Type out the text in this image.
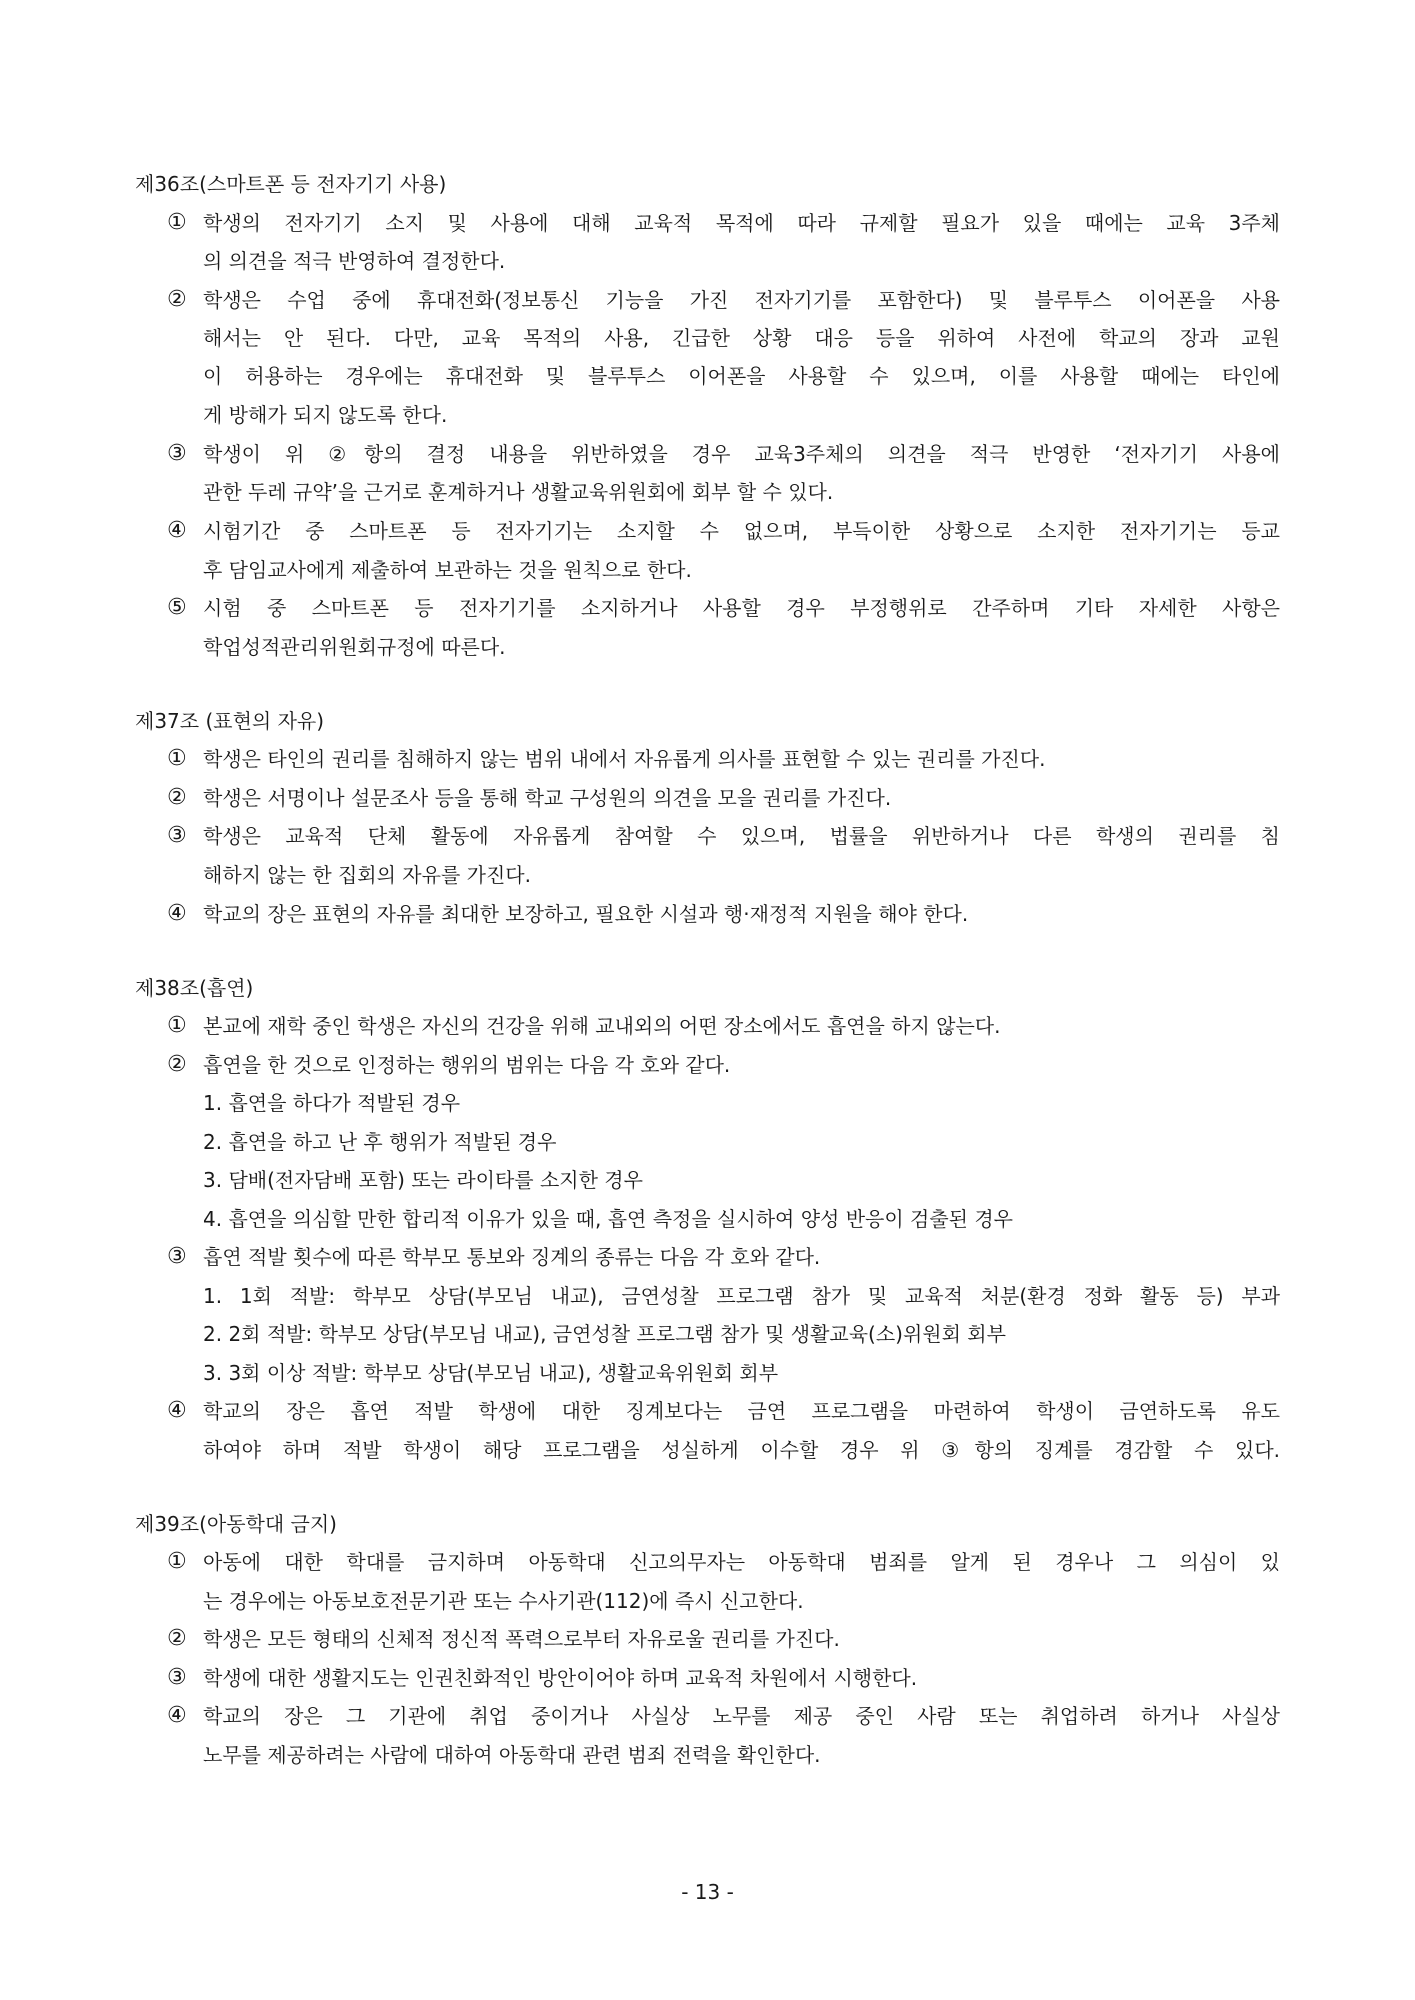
제36조(스마트폰 등 전자기기 사용)
① 학생의 전자기기 소지 및 사용에 대해 교육적 목적에 따라 규제할 필요가 있을 때에는 교육 3주체
의 의견을 적극 반영하여 결정한다.
② 학생은 수업 중에 휴대전화(정보통신 기능을 가진 전자기기를 포함한다) 및 블루투스 이어폰을 사용
해서는 안 된다. 다만, 교육 목적의 사용, 긴급한 상황 대응 등을 위하여 사전에 학교의 장과 교원
이 허용하는 경우에는 휴대전화 및 블루투스 이어폰을 사용할 수 있으며, 이를 사용할 때에는 타인에
게 방해가 되지 않도록 한다.
③ 학생이 위 ②항의 결정 내용을 위반하였을 경우 교육3주체의 의견을 적극 반영한 ‘전자기기 사용에
관한 두레 규약’을 근거로 훈계하거나 생활교육위원회에 회부 할 수 있다.
④ 시험기간 중 스마트폰 등 전자기기는 소지할 수 없으며, 부득이한 상황으로 소지한 전자기기는 등교
후 담임교사에게 제출하여 보관하는 것을 원칙으로 한다.
⑤ 시험 중 스마트폰 등 전자기기를 소지하거나 사용할 경우 부정행위로 간주하며 기타 자세한 사항은
학업성적관리위원회규정에 따른다.
제37조 (표현의 자유)
① 학생은 타인의 권리를 침해하지 않는 범위 내에서 자유롭게 의사를 표현할 수 있는 권리를 가진다.
② 학생은 서명이나 설문조사 등을 통해 학교 구성원의 의견을 모을 권리를 가진다.
③ 학생은 교육적 단체 활동에 자유롭게 참여할 수 있으며, 법률을 위반하거나 다른 학생의 권리를 침
해하지 않는 한 집회의 자유를 가진다.
④ 학교의 장은 표현의 자유를 최대한 보장하고, 필요한 시설과 행·재정적 지원을 해야 한다.
제38조(흡연)
① 본교에 재학 중인 학생은 자신의 건강을 위해 교내외의 어떤 장소에서도 흡연을 하지 않는다.
② 흡연을 한 것으로 인정하는 행위의 범위는 다음 각 호와 같다.
1. 흡연을 하다가 적발된 경우
2. 흡연을 하고 난 후 행위가 적발된 경우
3. 담배(전자담배 포함) 또는 라이타를 소지한 경우
4. 흡연을 의심할 만한 합리적 이유가 있을 때, 흡연 측정을 실시하여 양성 반응이 검출된 경우
③ 흡연 적발 횟수에 따른 학부모 통보와 징계의 종류는 다음 각 호와 같다.
1. 1회 적발: 학부모 상담(부모님 내교), 금연성찰 프로그램 참가 및 교육적 처분(환경 정화 활동 등) 부과
2. 2회 적발: 학부모 상담(부모님 내교), 금연성찰 프로그램 참가 및 생활교육(소)위원회 회부
3. 3회 이상 적발: 학부모 상담(부모님 내교), 생활교육위원회 회부
④ 학교의 장은 흡연 적발 학생에 대한 징계보다는 금연 프로그램을 마련하여 학생이 금연하도록 유도
하여야 하며 적발 학생이 해당 프로그램을 성실하게 이수할 경우 위 ③항의 징계를 경감할 수 있다.
제39조(아동학대 금지)
① 아동에 대한 학대를 금지하며 아동학대 신고의무자는 아동학대 범죄를 알게 된 경우나 그 의심이 있
는 경우에는 아동보호전문기관 또는 수사기관(112)에 즉시 신고한다.
② 학생은 모든 형태의 신체적 정신적 폭력으로부터 자유로울 권리를 가진다.
③ 학생에 대한 생활지도는 인권친화적인 방안이어야 하며 교육적 차원에서 시행한다.
④ 학교의 장은 그 기관에 취업 중이거나 사실상 노무를 제공 중인 사람 또는 취업하려 하거나 사실상
노무를 제공하려는 사람에 대하여 아동학대 관련 범죄 전력을 확인한다.
- 13 -
